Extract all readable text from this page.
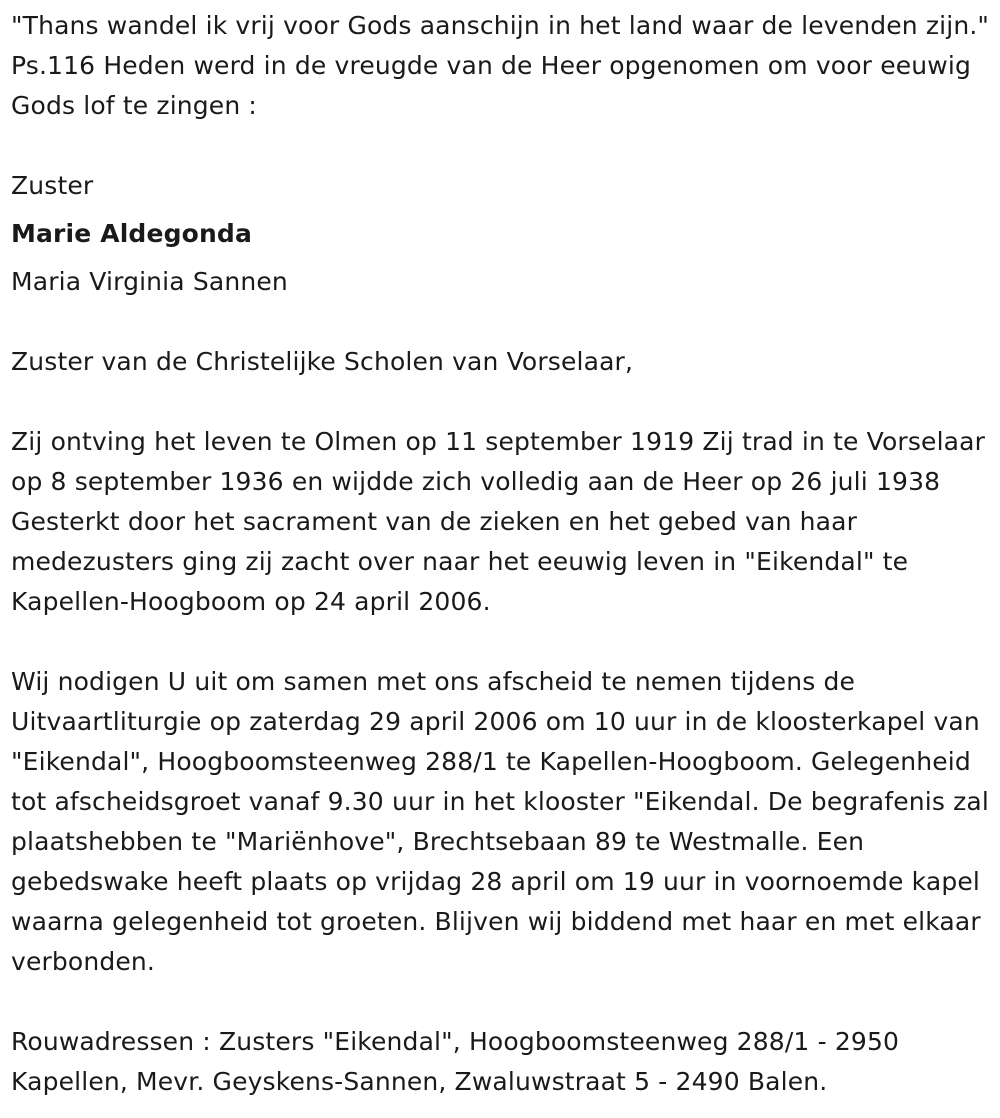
"Thans wandel ik vrij voor Gods aanschijn in het land waar de levenden zijn." Ps.116 Heden werd in de vreugde van de Heer opgenomen om voor eeuwig Gods lof te zingen :

Zuster

Marie Aldegonda

Maria Virginia Sannen

Zuster van de Christelijke Scholen van Vorselaar,

Zij ontving het leven te Olmen op 11 september 1919 Zij trad in te Vorselaar op 8 september 1936 en wijdde zich volledig aan de Heer op 26 juli 1938 Gesterkt door het sacrament van de zieken en het gebed van haar medezusters ging zij zacht over naar het eeuwig leven in "Eikendal" te Kapellen-Hoogboom op 24 april 2006.

Wij nodigen U uit om samen met ons afscheid te nemen tijdens de Uitvaartliturgie op zaterdag 29 april 2006 om 10 uur in de kloosterkapel van "Eikendal", Hoogboomsteenweg 288/1 te Kapellen-Hoogboom. Gelegenheid tot afscheidsgroet vanaf 9.30 uur in het klooster "Eikendal. De begrafenis zal plaatshebben te "Mariënhove", Brechtsebaan 89 te Westmalle. Een gebedswake heeft plaats op vrijdag 28 april om 19 uur in voornoemde kapel waarna gelegenheid tot groeten. Blijven wij biddend met haar en met elkaar verbonden.

Rouwadressen : Zusters "Eikendal", Hoogboomsteenweg 288/1 - 2950 Kapellen, Mevr. Geyskens-Sannen, Zwaluwstraat 5 - 2490 Balen.
